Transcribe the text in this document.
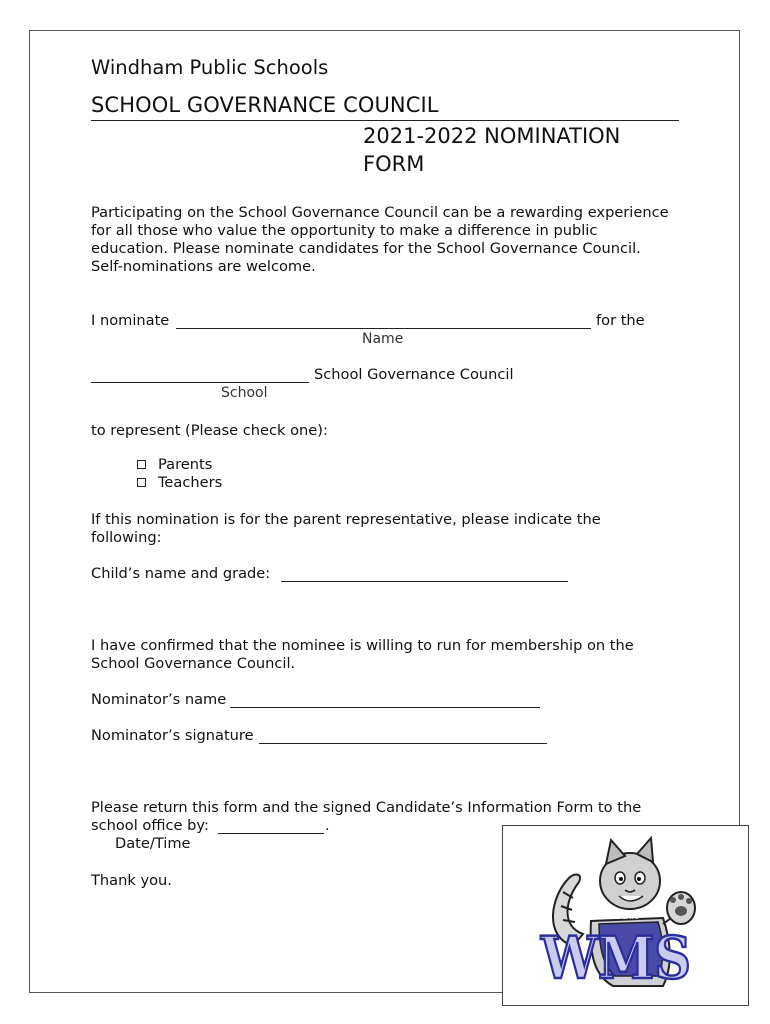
Windham Public Schools
SCHOOL GOVERNANCE COUNCIL
2021-2022 NOMINATION FORM
Participating on the School Governance Council can be a rewarding experience for all those who value the opportunity to make a difference in public education. Please nominate candidates for the School Governance Council. Self-nominations are welcome.
I nominate	for the
Name
School Governance Council
School
to represent (Please check one):
Parents
Teachers
If this nomination is for the parent representative, please indicate the following:
Child’s name and grade:
I have confirmed that the nominee is willing to run for membership on the School Governance Council.
Nominator’s name
Nominator’s signature
Please return this form and the signed Candidate’s Information Form to the
school office by:	.
Date/Time
Thank you.
WILDCATS
WMS
